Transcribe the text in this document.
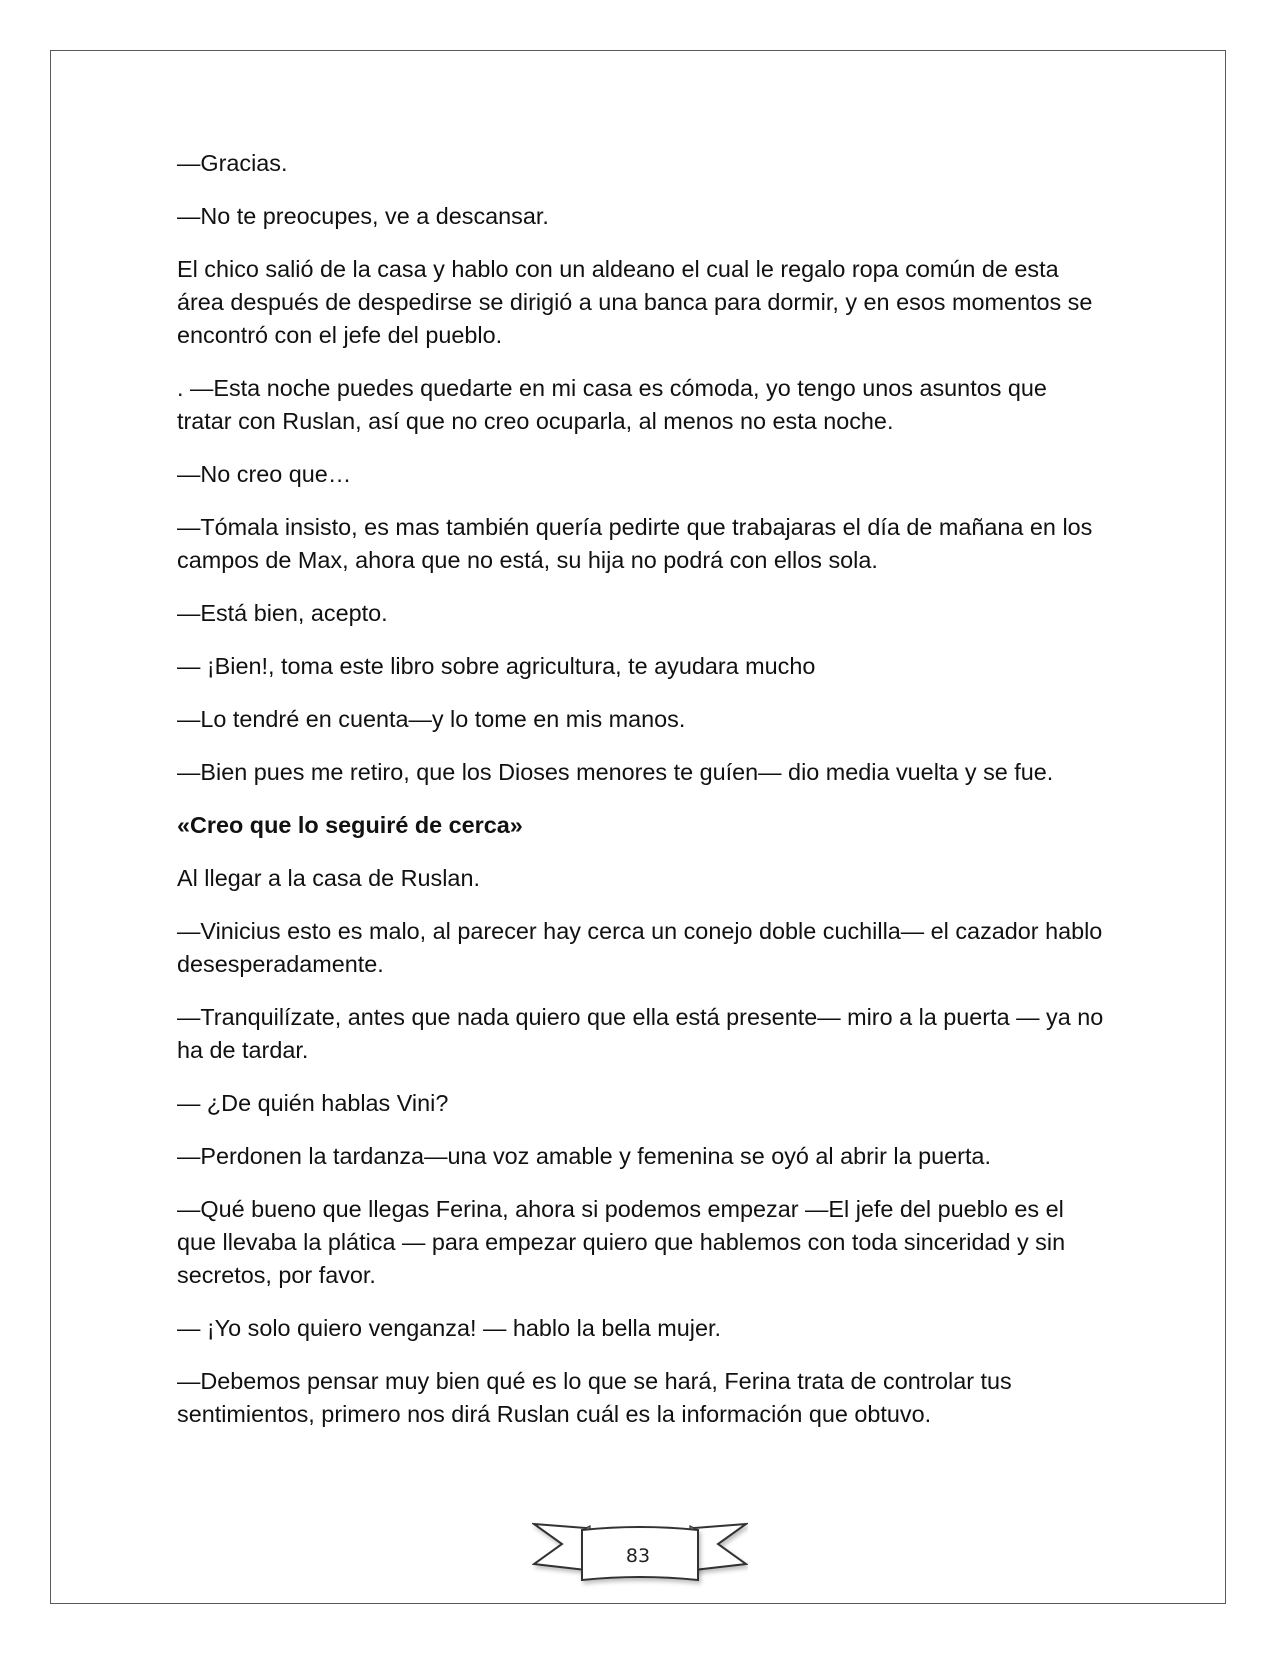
—Gracias.

—No te preocupes, ve a descansar.

El chico salió de la casa y hablo con un aldeano el cual le regalo ropa común de esta área después de despedirse se dirigió a una banca para dormir, y en esos momentos se encontró con el jefe del pueblo.

. —Esta noche puedes quedarte en mi casa es cómoda, yo tengo unos asuntos que tratar con Ruslan, así que no creo ocuparla, al menos no esta noche.

—No creo que…

—Tómala insisto, es mas también quería pedirte que trabajaras el día de mañana en los campos de Max, ahora que no está, su hija no podrá con ellos sola.

—Está bien, acepto.

— ¡Bien!, toma este libro sobre agricultura, te ayudara mucho

—Lo tendré en cuenta—y lo tome en mis manos.

—Bien pues me retiro, que los Dioses menores te guíen— dio media vuelta y se fue.

«Creo que lo seguiré de cerca»

Al llegar a la casa de Ruslan.

—Vinicius esto es malo, al parecer hay cerca un conejo doble cuchilla— el cazador hablo desesperadamente.

—Tranquilízate, antes que nada quiero que ella está presente— miro a la puerta — ya no ha de tardar.

— ¿De quién hablas Vini?

—Perdonen la tardanza—una voz amable y femenina se oyó al abrir la puerta.

—Qué bueno que llegas Ferina, ahora si podemos empezar —El jefe del pueblo es el que llevaba la plática — para empezar quiero que hablemos con toda sinceridad y sin secretos, por favor.

— ¡Yo solo quiero venganza! — hablo la bella mujer.

—Debemos pensar muy bien qué es lo que se hará, Ferina trata de controlar tus sentimientos, primero nos dirá Ruslan cuál es la información que obtuvo.

83
